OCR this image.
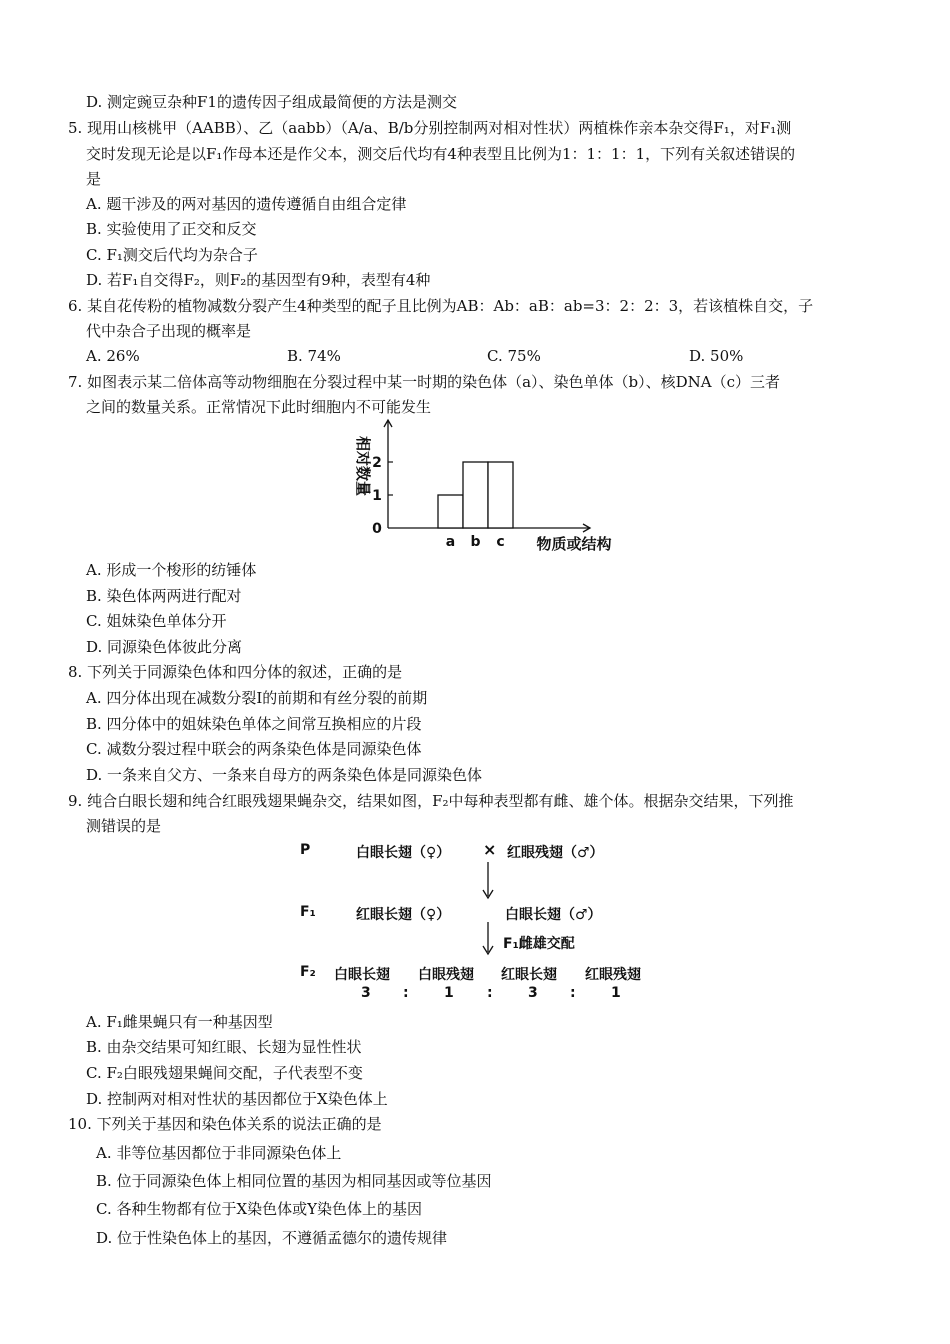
D. 测定豌豆杂种F1的遗传因子组成最简便的方法是测交
5. 现用山核桃甲（AABB）、乙（aabb）（A/a、B/b分别控制两对相对性状）两植株作亲本杂交得F₁，对F₁测
交时发现无论是以F₁作母本还是作父本，测交后代均有4种表型且比例为1：1：1：1，下列有关叙述错误的
是
A. 题干涉及的两对基因的遗传遵循自由组合定律
B. 实验使用了正交和反交
C. F₁测交后代均为杂合子
D. 若F₁自交得F₂，则F₂的基因型有9种，表型有4种
6. 某自花传粉的植物减数分裂产生4种类型的配子且比例为AB：Ab：aB：ab=3：2：2：3，若该植株自交，子
代中杂合子出现的概率是
A. 26%	B. 74%	C. 75%	D. 50%
7. 如图表示某二倍体高等动物细胞在分裂过程中某一时期的染色体（a）、染色单体（b）、核DNA（c）三者
之间的数量关系。正常情况下此时细胞内不可能发生
0
1
2
相对数量
a b c 物质或结构
A. 形成一个梭形的纺锤体
B. 染色体两两进行配对
C. 姐妹染色单体分开
D. 同源染色体彼此分离
8. 下列关于同源染色体和四分体的叙述，正确的是
A. 四分体出现在减数分裂Ⅰ的前期和有丝分裂的前期
B. 四分体中的姐妹染色单体之间常互换相应的片段
C. 减数分裂过程中联会的两条染色体是同源染色体
D. 一条来自父方、一条来自母方的两条染色体是同源染色体
9. 纯合白眼长翅和纯合红眼残翅果蝇杂交，结果如图，F₂中每种表型都有雌、雄个体。根据杂交结果，下列推
测错误的是
P	白眼长翅（♀） × 红眼残翅（♂）
F₁	红眼长翅（♀）	白眼长翅（♂）
F₁雌雄交配
F₂ 白眼长翅 白眼残翅 红眼长翅 红眼残翅
3 :	1 :	3 :	1
A. F₁雌果蝇只有一种基因型
B. 由杂交结果可知红眼、长翅为显性性状
C. F₂白眼残翅果蝇间交配，子代表型不变
D. 控制两对相对性状的基因都位于X染色体上
10. 下列关于基因和染色体关系的说法正确的是
A. 非等位基因都位于非同源染色体上
B. 位于同源染色体上相同位置的基因为相同基因或等位基因
C. 各种生物都有位于X染色体或Y染色体上的基因
D. 位于性染色体上的基因，不遵循孟德尔的遗传规律
